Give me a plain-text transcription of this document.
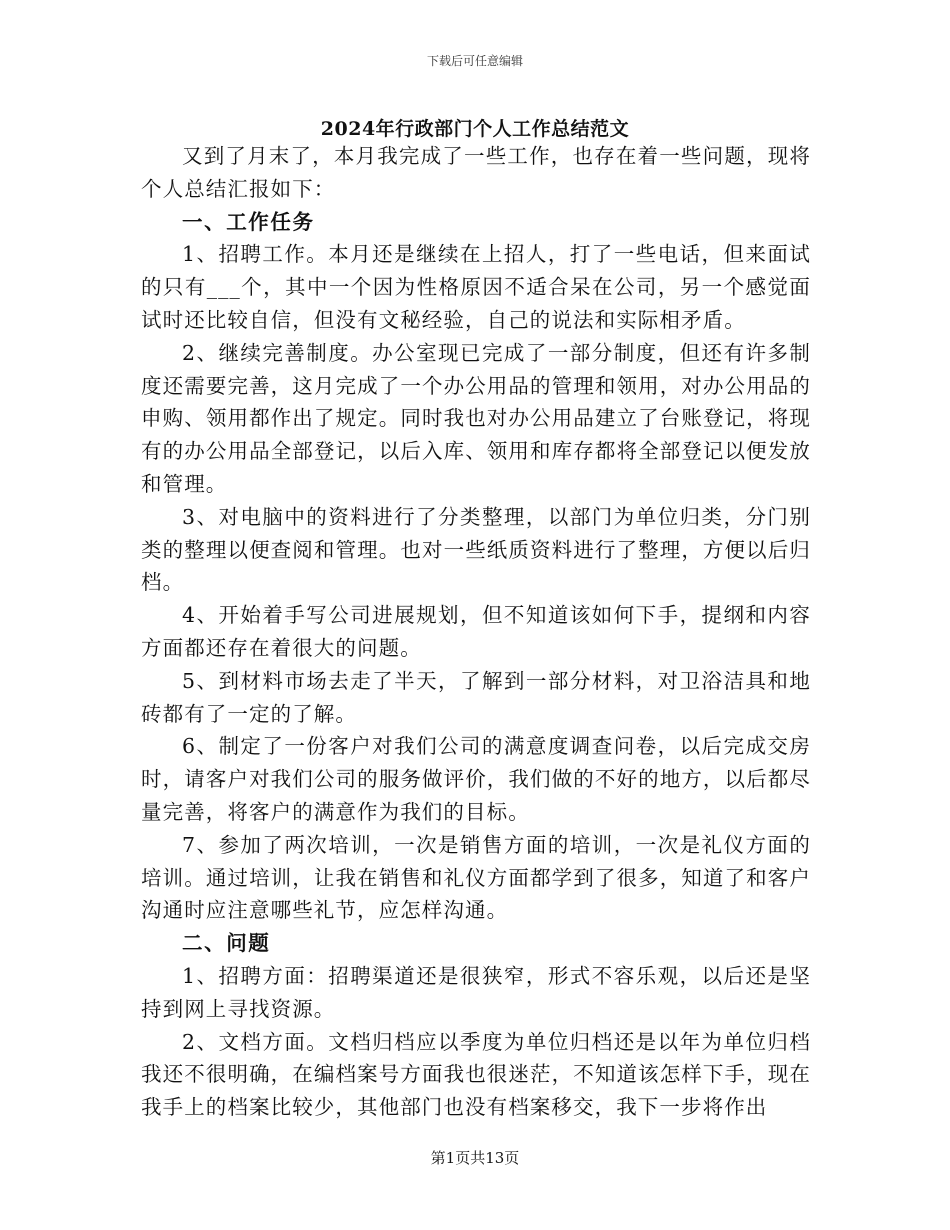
下载后可任意编辑
2024年行政部门个人工作总结范文

又到了月末了，本月我完成了一些工作，也存在着一些问题，现将个人总结汇报如下：

一、工作任务

1、招聘工作。本月还是继续在上招人，打了一些电话，但来面试的只有___个，其中一个因为性格原因不适合呆在公司，另一个感觉面试时还比较自信，但没有文秘经验，自己的说法和实际相矛盾。

2、继续完善制度。办公室现已完成了一部分制度，但还有许多制度还需要完善，这月完成了一个办公用品的管理和领用，对办公用品的申购、领用都作出了规定。同时我也对办公用品建立了台账登记，将现有的办公用品全部登记，以后入库、领用和库存都将全部登记以便发放和管理。

3、对电脑中的资料进行了分类整理，以部门为单位归类，分门别类的整理以便查阅和管理。也对一些纸质资料进行了整理，方便以后归档。

4、开始着手写公司进展规划，但不知道该如何下手，提纲和内容方面都还存在着很大的问题。

5、到材料市场去走了半天，了解到一部分材料，对卫浴洁具和地砖都有了一定的了解。

6、制定了一份客户对我们公司的满意度调查问卷，以后完成交房时，请客户对我们公司的服务做评价，我们做的不好的地方，以后都尽量完善，将客户的满意作为我们的目标。

7、参加了两次培训，一次是销售方面的培训，一次是礼仪方面的培训。通过培训，让我在销售和礼仪方面都学到了很多，知道了和客户沟通时应注意哪些礼节，应怎样沟通。

二、问题

1、招聘方面：招聘渠道还是很狭窄，形式不容乐观，以后还是坚持到网上寻找资源。

2、文档方面。文档归档应以季度为单位归档还是以年为单位归档我还不很明确，在编档案号方面我也很迷茫，不知道该怎样下手，现在我手上的档案比较少，其他部门也没有档案移交，我下一步将作出

第1页共13页
